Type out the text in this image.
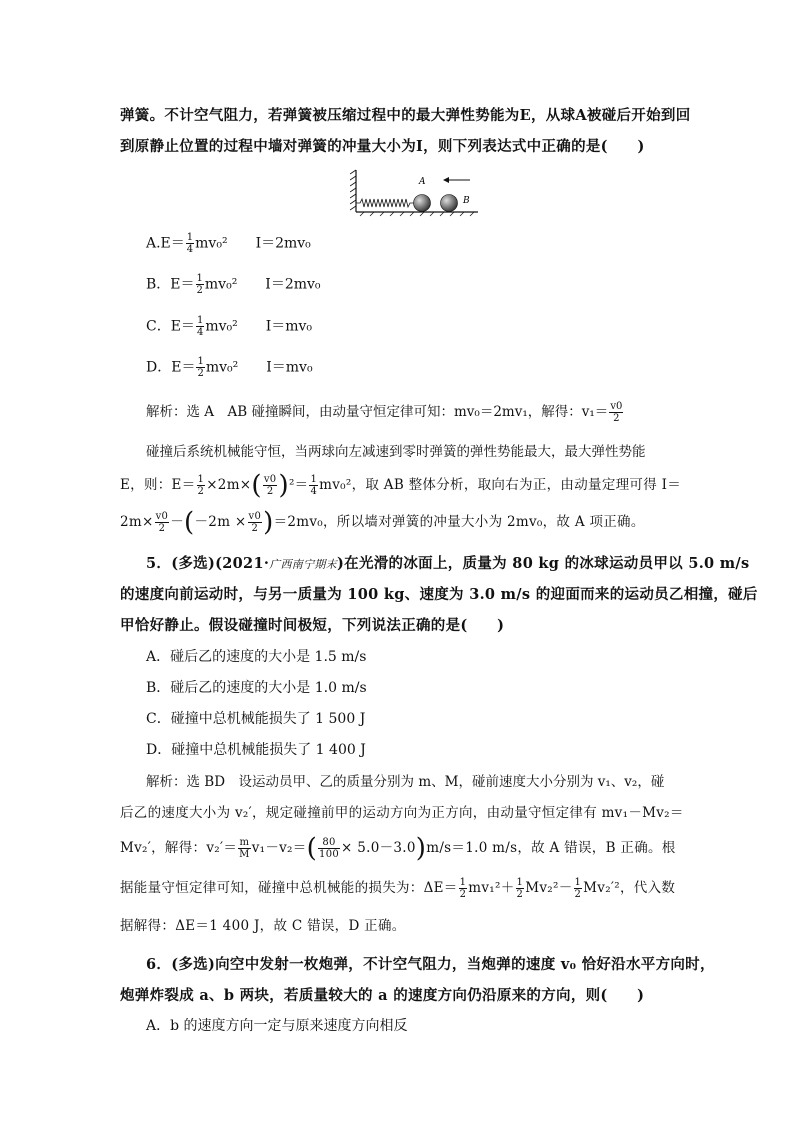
弹簧。不计空气阻力，若弹簧被压缩过程中的最大弹性势能为E，从球A被碰后开始到回
到原静止位置的过程中墙对弹簧的冲量大小为I，则下列表达式中正确的是(　　)
A
B
$A.E= \frac{1}{4} mv_0^2$　　I＝2mv₀
B．$E= \frac{1}{2} mv_0^2$　　I＝2mv₀
C．$E= \frac{1}{4} mv_0^2$　　I＝mv₀
D．$E= \frac{1}{2} mv_0^2$　　I＝mv₀
解析：选 A　AB 碰撞瞬间，由动量守恒定律可知：mv₀＝2mv₁，解得：$v_1= \frac{v0}{2}$
碰撞后系统机械能守恒，当两球向左减速到零时弹簧的弹性势能最大，最大弹性势能
E，则：$E= \frac{1}{2} \times 2m\times( \frac{v0}{2} )^2= \frac{1}{4} mv_0^2$，取 AB 整体分析，取向右为正，由动量定理可得 I＝
$2m\times \frac{v0}{2} -(-2m \times \frac{v0}{2} )=2mv_0$，所以墙对弹簧的冲量大小为 2mv₀，故 A 项正确。
5．(多选)(2021·广西南宁期末)在光滑的冰面上，质量为 80 kg 的冰球运动员甲以 5.0 m/s
的速度向前运动时，与另一质量为 100 kg、速度为 3.0 m/s 的迎面而来的运动员乙相撞，碰后
甲恰好静止。假设碰撞时间极短，下列说法正确的是(　　)
A．碰后乙的速度的大小是 1.5 m/s
B．碰后乙的速度的大小是 1.0 m/s
C．碰撞中总机械能损失了 1 500 J
D．碰撞中总机械能损失了 1 400 J
解析：选 BD　设运动员甲、乙的质量分别为 m、M，碰前速度大小分别为 v₁、v₂，碰
后乙的速度大小为 v₂′，规定碰撞前甲的运动方向为正方向，由动量守恒定律有 mv₁－Mv₂＝
Mv₂′，解得：$v_2'= \frac{m}{M} v_1-v_2=( \frac{80}{100} \times 5.0-3.0)m/s=1.0$ m/s，故 A 错误，B 正确。根
据能量守恒定律可知，碰撞中总机械能的损失为：$\Delta E= \frac{1}{2} mv_1^2+ \frac{1}{2} Mv_2^2- \frac{1}{2} Mv_2'^2$，代入数
据解得：ΔE＝1 400 J，故 C 错误，D 正确。
6．(多选)向空中发射一枚炮弹，不计空气阻力，当炮弹的速度 v₀ 恰好沿水平方向时，
炮弹炸裂成 a、b 两块，若质量较大的 a 的速度方向仍沿原来的方向，则(　　)
A．b 的速度方向一定与原来速度方向相反
